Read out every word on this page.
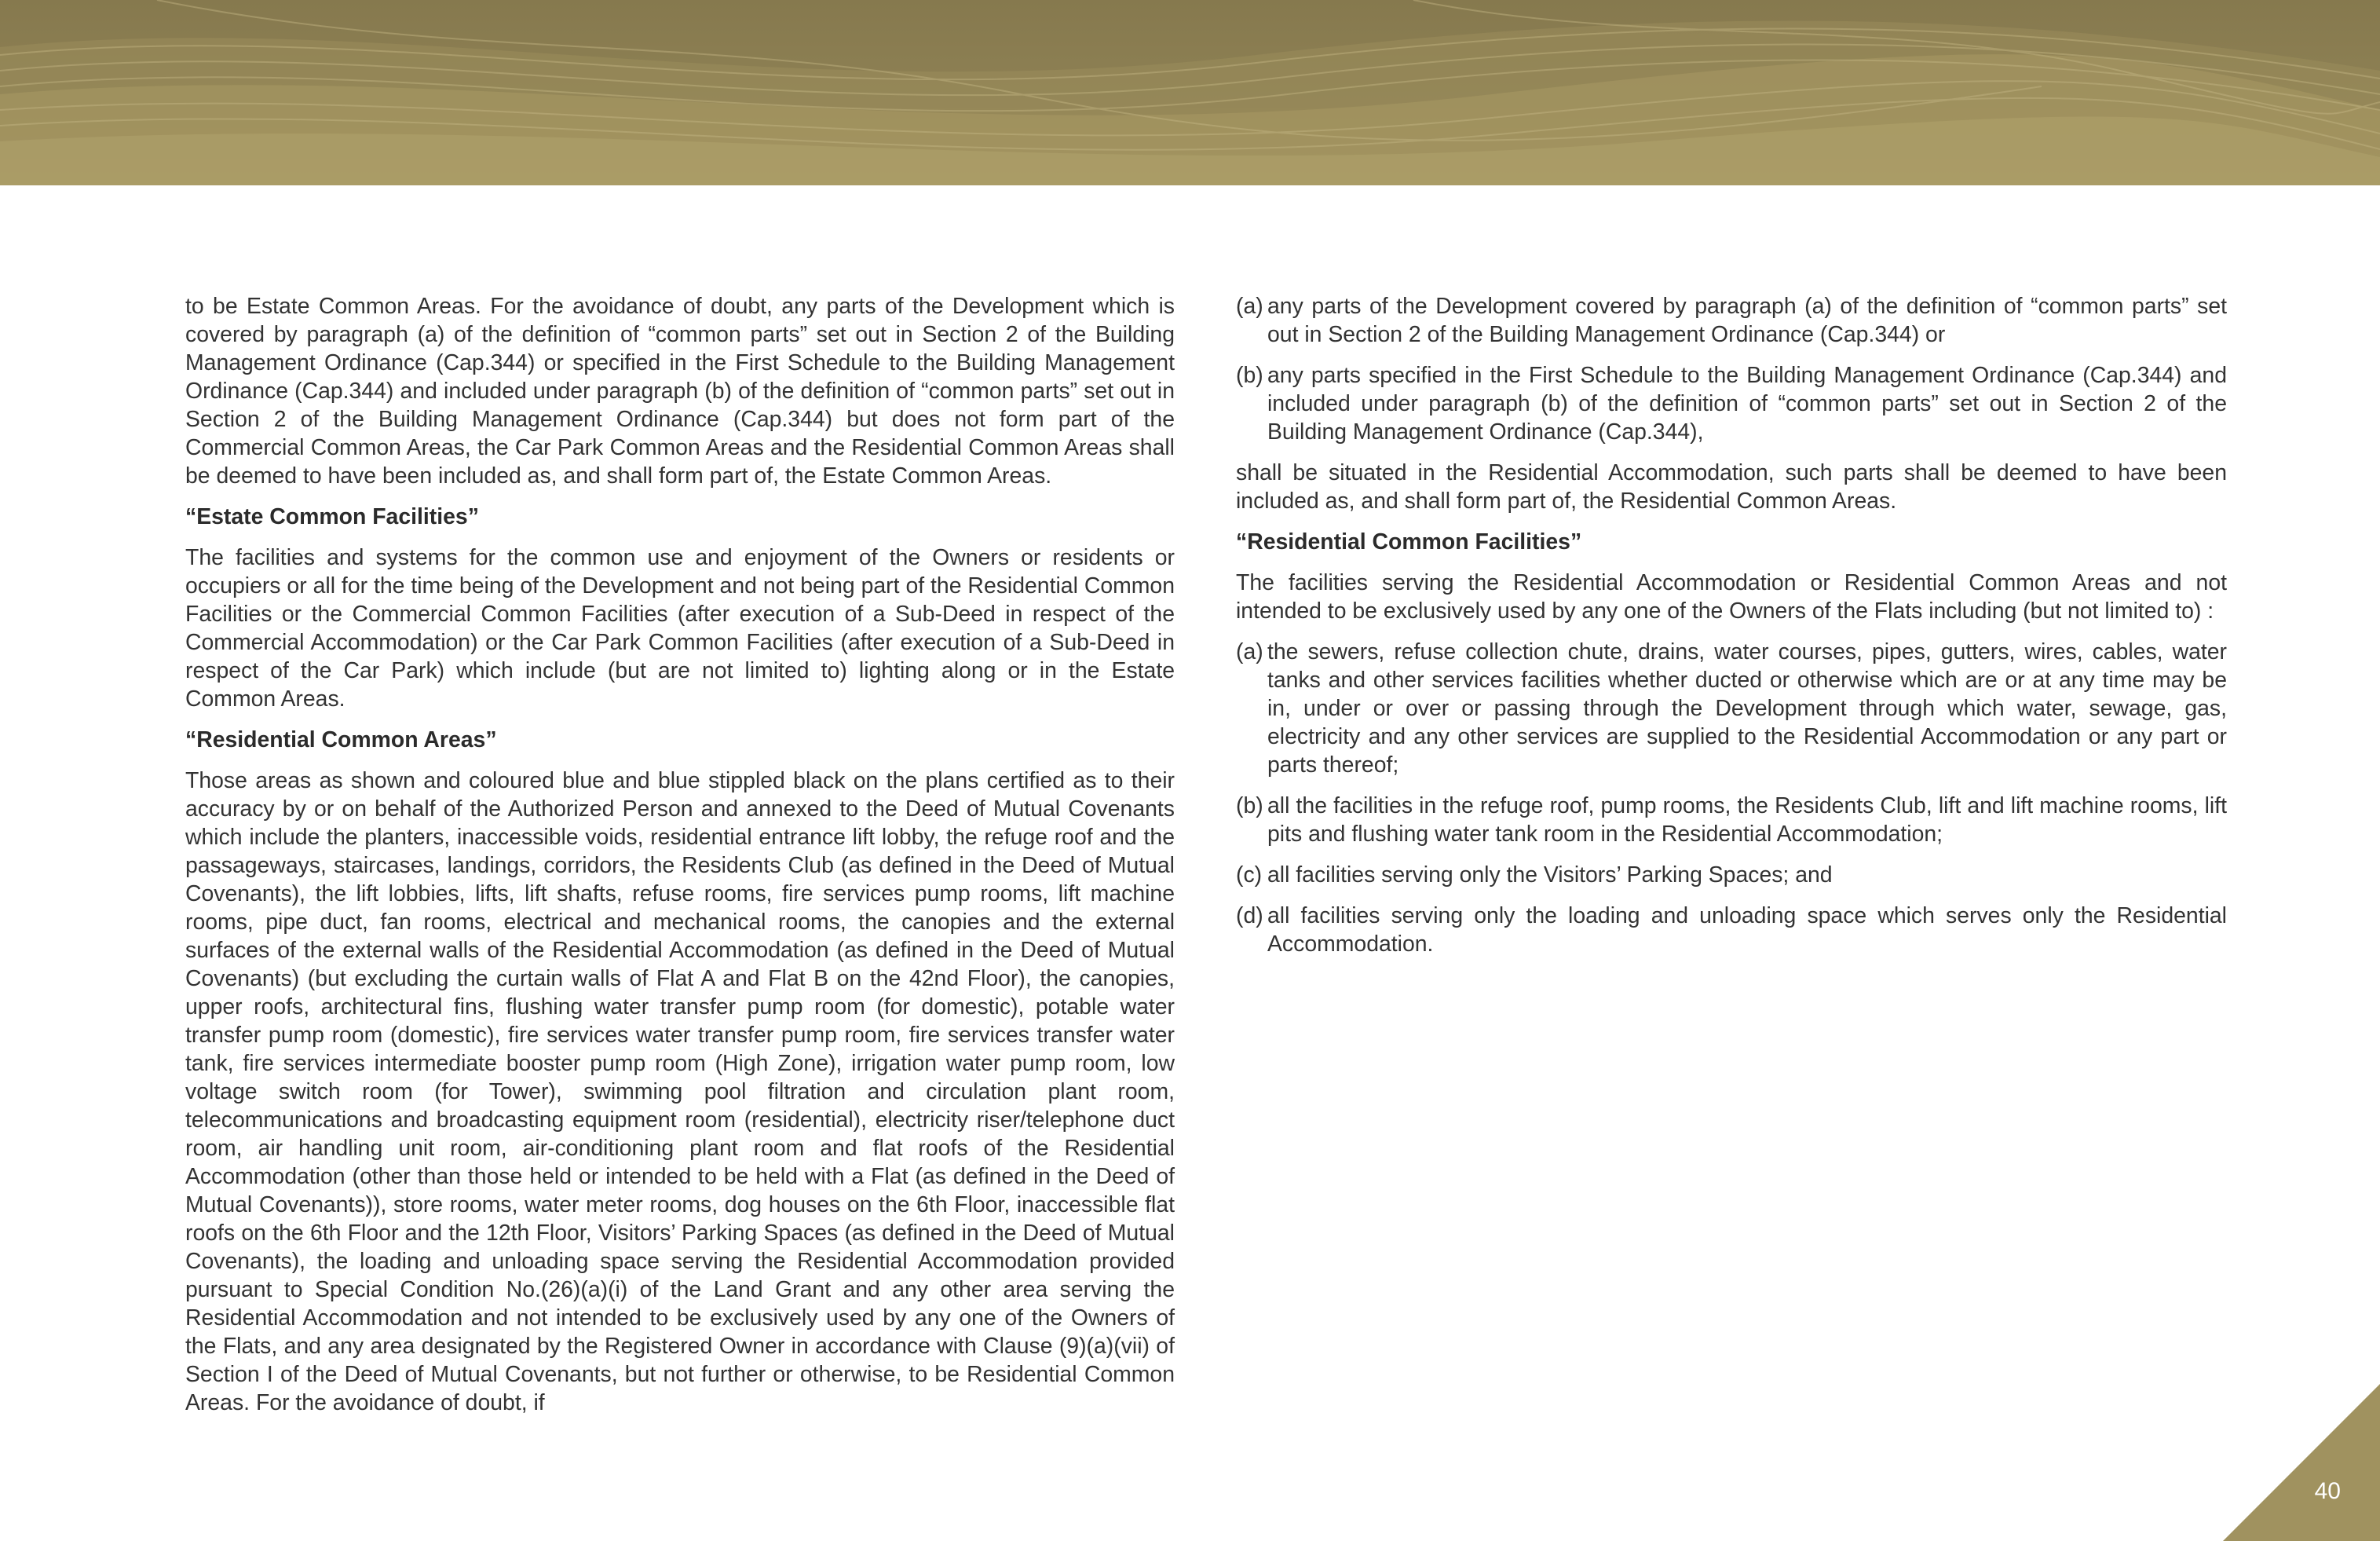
to be Estate Common Areas. For the avoidance of doubt, any parts of the Development which is covered by paragraph (a) of the definition of “common parts” set out in Section 2 of the Building Management Ordinance (Cap.344) or specified in the First Schedule to the Building Management Ordinance (Cap.344) and included under paragraph (b) of the definition of “common parts” set out in Section 2 of the Building Management Ordinance (Cap.344) but does not form part of the Commercial Common Areas, the Car Park Common Areas and the Residential Common Areas shall be deemed to have been included as, and shall form part of, the Estate Common Areas.

“Estate Common Facilities”

The facilities and systems for the common use and enjoyment of the Owners or residents or occupiers or all for the time being of the Development and not being part of the Residential Common Facilities or the Commercial Common Facilities (after execution of a Sub-Deed in respect of the Commercial Accommodation) or the Car Park Common Facilities (after execution of a Sub-Deed in respect of the Car Park) which include (but are not limited to) lighting along or in the Estate Common Areas.

“Residential Common Areas”

Those areas as shown and coloured blue and blue stippled black on the plans certified as to their accuracy by or on behalf of the Authorized Person and annexed to the Deed of Mutual Covenants which include the planters, inaccessible voids, residential entrance lift lobby, the refuge roof and the passageways, staircases, landings, corridors, the Residents Club (as defined in the Deed of Mutual Covenants), the lift lobbies, lifts, lift shafts, refuse rooms, fire services pump rooms, lift machine rooms, pipe duct, fan rooms, electrical and mechanical rooms, the canopies and the external surfaces of the external walls of the Residential Accommodation (as defined in the Deed of Mutual Covenants) (but excluding the curtain walls of Flat A and Flat B on the 42nd Floor), the canopies, upper roofs, architectural fins, flushing water transfer pump room (for domestic), potable water transfer pump room (domestic), fire services water transfer pump room, fire services transfer water tank, fire services intermediate booster pump room (High Zone), irrigation water pump room, low voltage switch room (for Tower), swimming pool filtration and circulation plant room, telecommunications and broadcasting equipment room (residential), electricity riser/telephone duct room, air handling unit room, air-conditioning plant room and flat roofs of the Residential Accommodation (other than those held or intended to be held with a Flat (as defined in the Deed of Mutual Covenants)), store rooms, water meter rooms, dog houses on the 6th Floor, inaccessible flat roofs on the 6th Floor and the 12th Floor, Visitors’ Parking Spaces (as defined in the Deed of Mutual Covenants), the loading and unloading space serving the Residential Accommodation provided pursuant to Special Condition No.(26)(a)(i) of the Land Grant and any other area serving the Residential Accommodation and not intended to be exclusively used by any one of the Owners of the Flats, and any area designated by the Registered Owner in accordance with Clause (9)(a)(vii) of Section I of the Deed of Mutual Covenants, but not further or otherwise, to be Residential Common Areas. For the avoidance of doubt, if

(a) any parts of the Development covered by paragraph (a) of the definition of “common parts” set out in Section 2 of the Building Management Ordinance (Cap.344) or
(b) any parts specified in the First Schedule to the Building Management Ordinance (Cap.344) and included under paragraph (b) of the definition of “common parts” set out in Section 2 of the Building Management Ordinance (Cap.344),

shall be situated in the Residential Accommodation, such parts shall be deemed to have been included as, and shall form part of, the Residential Common Areas.

“Residential Common Facilities”

The facilities serving the Residential Accommodation or Residential Common Areas and not intended to be exclusively used by any one of the Owners of the Flats including (but not limited to) :

(a) the sewers, refuse collection chute, drains, water courses, pipes, gutters, wires, cables, water tanks and other services facilities whether ducted or otherwise which are or at any time may be in, under or over or passing through the Development through which water, sewage, gas, electricity and any other services are supplied to the Residential Accommodation or any part or parts thereof;
(b) all the facilities in the refuge roof, pump rooms, the Residents Club, lift and lift machine rooms, lift pits and flushing water tank room in the Residential Accommodation;
(c) all facilities serving only the Visitors’ Parking Spaces; and
(d) all facilities serving only the loading and unloading space which serves only the Residential Accommodation.
40
